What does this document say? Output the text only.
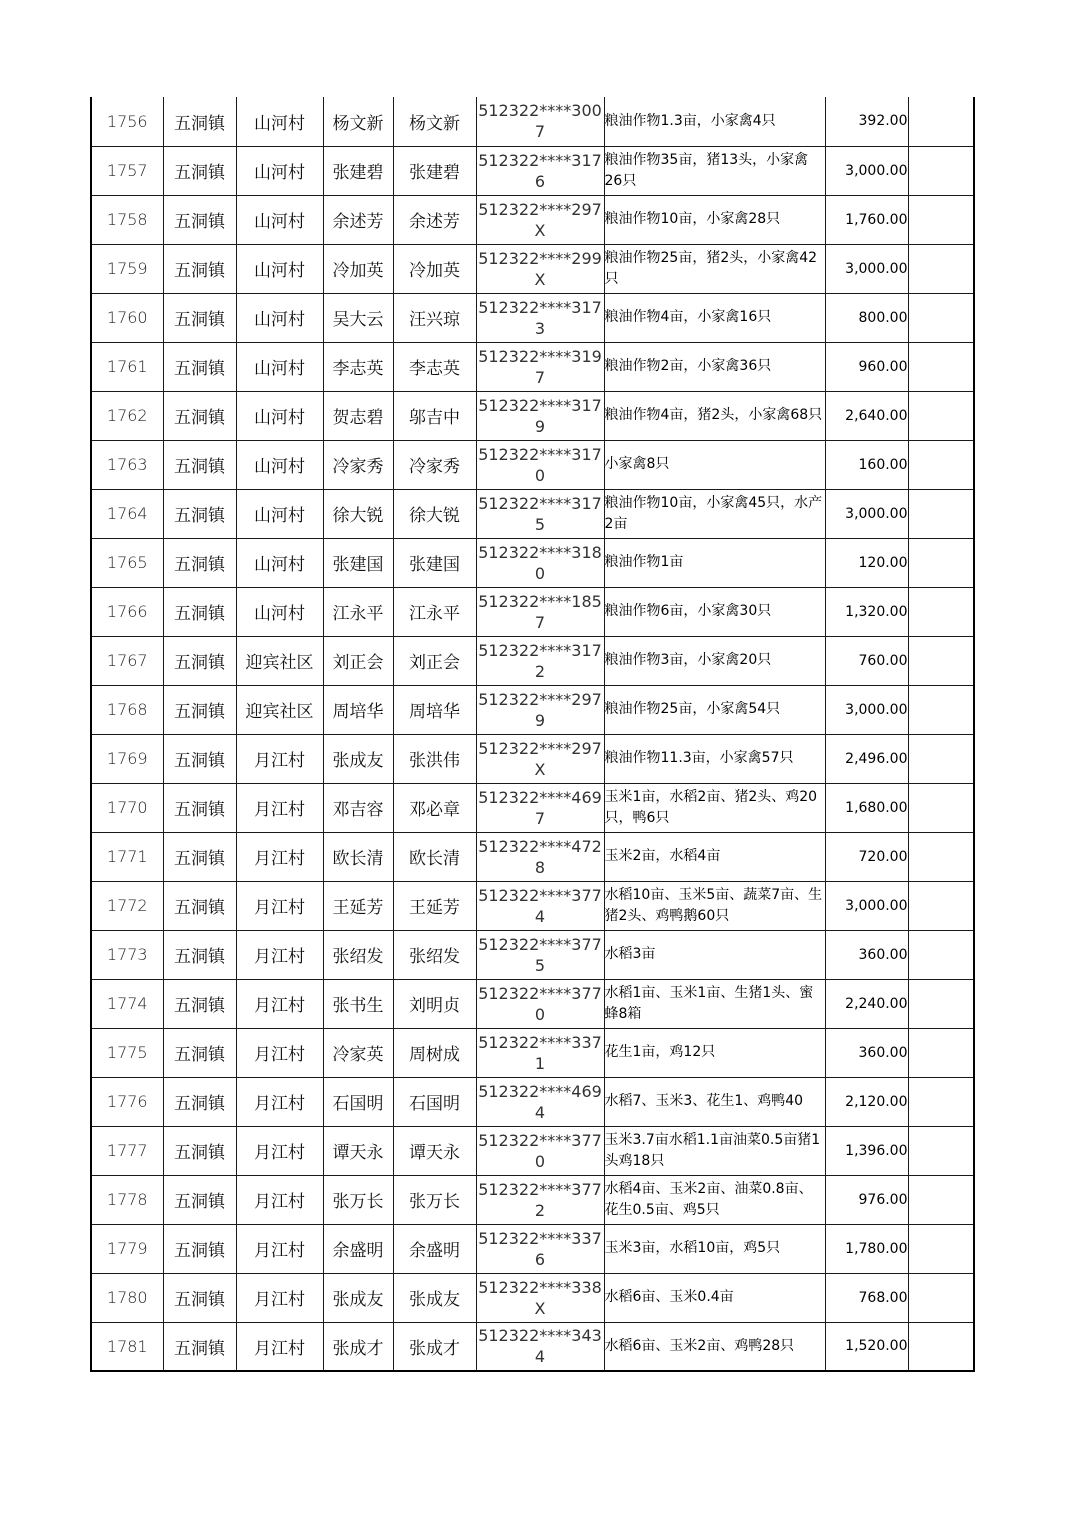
1756	五洞镇	山河村	杨文新	杨文新	512322****3007	粮油作物1.3亩，小家禽4只	392.00	
1757	五洞镇	山河村	张建碧	张建碧	512322****3176	粮油作物35亩，猪13头，小家禽26只	3,000.00	
1758	五洞镇	山河村	余述芳	余述芳	512322****297X	粮油作物10亩，小家禽28只	1,760.00	
1759	五洞镇	山河村	冷加英	冷加英	512322****299X	粮油作物25亩，猪2头，小家禽42只	3,000.00	
1760	五洞镇	山河村	吴大云	汪兴琼	512322****3173	粮油作物4亩，小家禽16只	800.00	
1761	五洞镇	山河村	李志英	李志英	512322****3197	粮油作物2亩，小家禽36只	960.00	
1762	五洞镇	山河村	贺志碧	邬吉中	512322****3179	粮油作物4亩，猪2头，小家禽68只	2,640.00	
1763	五洞镇	山河村	冷家秀	冷家秀	512322****3170	小家禽8只	160.00	
1764	五洞镇	山河村	徐大锐	徐大锐	512322****3175	粮油作物10亩，小家禽45只，水产2亩	3,000.00	
1765	五洞镇	山河村	张建国	张建国	512322****3180	粮油作物1亩	120.00	
1766	五洞镇	山河村	江永平	江永平	512322****1857	粮油作物6亩，小家禽30只	1,320.00	
1767	五洞镇	迎宾社区	刘正会	刘正会	512322****3172	粮油作物3亩，小家禽20只	760.00	
1768	五洞镇	迎宾社区	周培华	周培华	512322****2979	粮油作物25亩，小家禽54只	3,000.00	
1769	五洞镇	月江村	张成友	张洪伟	512322****297X	粮油作物11.3亩，小家禽57只	2,496.00	
1770	五洞镇	月江村	邓吉容	邓必章	512322****4697	玉米1亩，水稻2亩、猪2头、鸡20只，鸭6只	1,680.00	
1771	五洞镇	月江村	欧长清	欧长清	512322****4728	玉米2亩，水稻4亩	720.00	
1772	五洞镇	月江村	王延芳	王延芳	512322****3774	水稻10亩、玉米5亩、蔬菜7亩、生猪2头、鸡鸭鹅60只	3,000.00	
1773	五洞镇	月江村	张绍发	张绍发	512322****3775	水稻3亩	360.00	
1774	五洞镇	月江村	张书生	刘明贞	512322****3770	水稻1亩、玉米1亩、生猪1头、蜜蜂8箱	2,240.00	
1775	五洞镇	月江村	冷家英	周树成	512322****3371	花生1亩，鸡12只	360.00	
1776	五洞镇	月江村	石国明	石国明	512322****4694	水稻7、玉米3、花生1、鸡鸭40	2,120.00	
1777	五洞镇	月江村	谭天永	谭天永	512322****3770	玉米3.7亩水稻1.1亩油菜0.5亩猪1头鸡18只	1,396.00	
1778	五洞镇	月江村	张万长	张万长	512322****3772	水稻4亩、玉米2亩、油菜0.8亩、花生0.5亩、鸡5只	976.00	
1779	五洞镇	月江村	余盛明	余盛明	512322****3376	玉米3亩，水稻10亩，鸡5只	1,780.00	
1780	五洞镇	月江村	张成友	张成友	512322****338X	水稻6亩、玉米0.4亩	768.00	
1781	五洞镇	月江村	张成才	张成才	512322****3434	水稻6亩、玉米2亩、鸡鸭28只	1,520.00	
